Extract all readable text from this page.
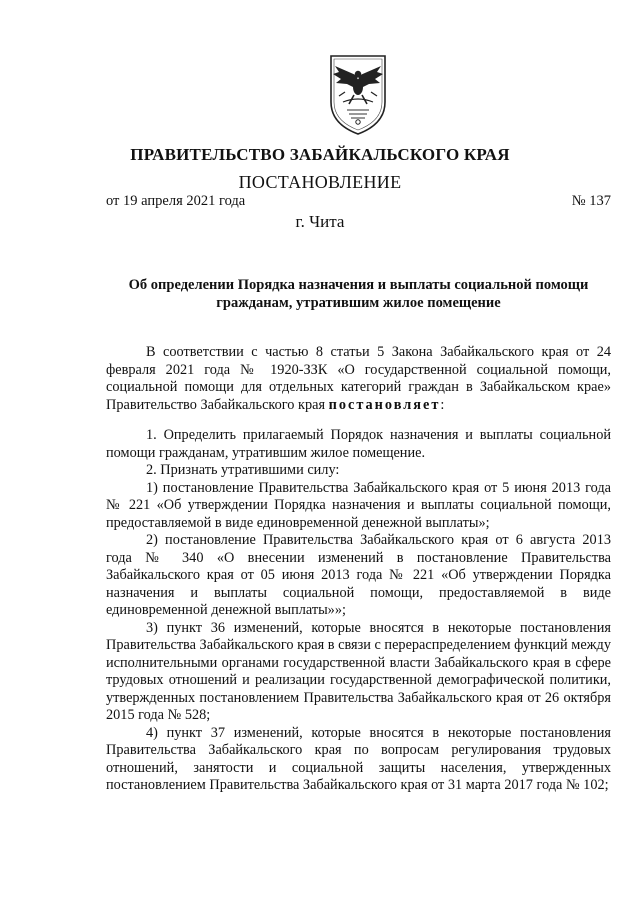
ПРАВИТЕЛЬСТВО ЗАБАЙКАЛЬСКОГО КРАЯ
ПОСТАНОВЛЕНИЕ
от 19 апреля 2021 года	№ 137
г. Чита
Об определении Порядка назначения и выплаты социальной помощи гражданам, утратившим жилое помещение

В соответствии с частью 8 статьи 5 Закона Забайкальского края от 24 февраля 2021 года № 1920-ЗЗК «О государственной социальной помощи, социальной помощи для отдельных категорий граждан в Забайкальском крае» Правительство Забайкальского края постановляет:

1. Определить прилагаемый Порядок назначения и выплаты социальной помощи гражданам, утратившим жилое помещение.

2. Признать утратившими силу:

1) постановление Правительства Забайкальского края от 5 июня 2013 года № 221 «Об утверждении Порядка назначения и выплаты социальной помощи, предоставляемой в виде единовременной денежной выплаты»;

2) постановление Правительства Забайкальского края от 6 августа 2013 года № 340 «О внесении изменений в постановление Правительства Забайкальского края от 05 июня 2013 года № 221 «Об утверждении Порядка назначения и выплаты социальной помощи, предоставляемой в виде единовременной денежной выплаты»»;

3) пункт 36 изменений, которые вносятся в некоторые постановления Правительства Забайкальского края в связи с перераспределением функций между исполнительными органами государственной власти Забайкальского края в сфере трудовых отношений и реализации государственной демографической политики, утвержденных постановлением Правительства Забайкальского края от 26 октября 2015 года № 528;

4) пункт 37 изменений, которые вносятся в некоторые постановления Правительства Забайкальского края по вопросам регулирования трудовых отношений, занятости и социальной защиты населения, утвержденных постановлением Правительства Забайкальского края от 31 марта 2017 года № 102;
